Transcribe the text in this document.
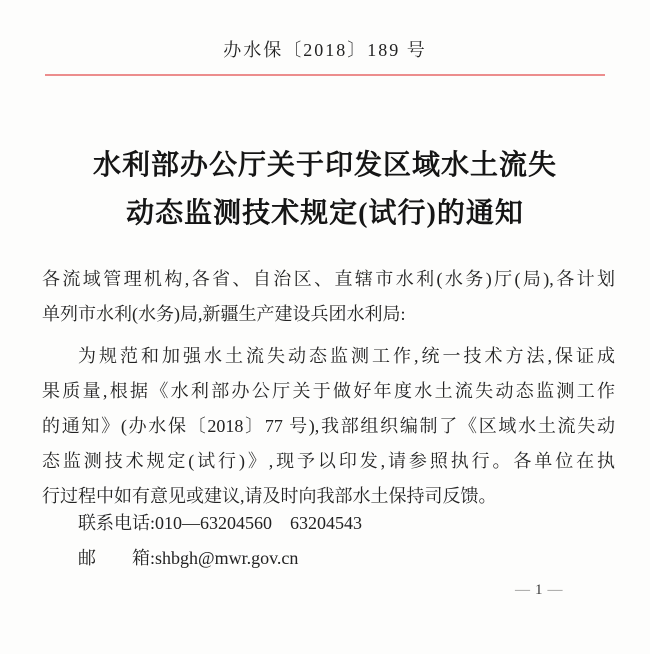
办水保〔2018〕189 号
水利部办公厅关于印发区域水土流失
动态监测技术规定(试行)的通知
各流域管理机构,各省、自治区、直辖市水利(水务)厅(局),各计划
单列市水利(水务)局,新疆生产建设兵团水利局:
为规范和加强水土流失动态监测工作,统一技术方法,保证成
果质量,根据《水利部办公厅关于做好年度水土流失动态监测工作
的通知》(办水保〔2018〕77 号),我部组织编制了《区域水土流失动
态监测技术规定(试行)》,现予以印发,请参照执行。各单位在执
行过程中如有意见或建议,请及时向我部水土保持司反馈。
联系电话:010—63204560　63204543
邮　　箱:shbgh@mwr.gov.cn
— 1 —
